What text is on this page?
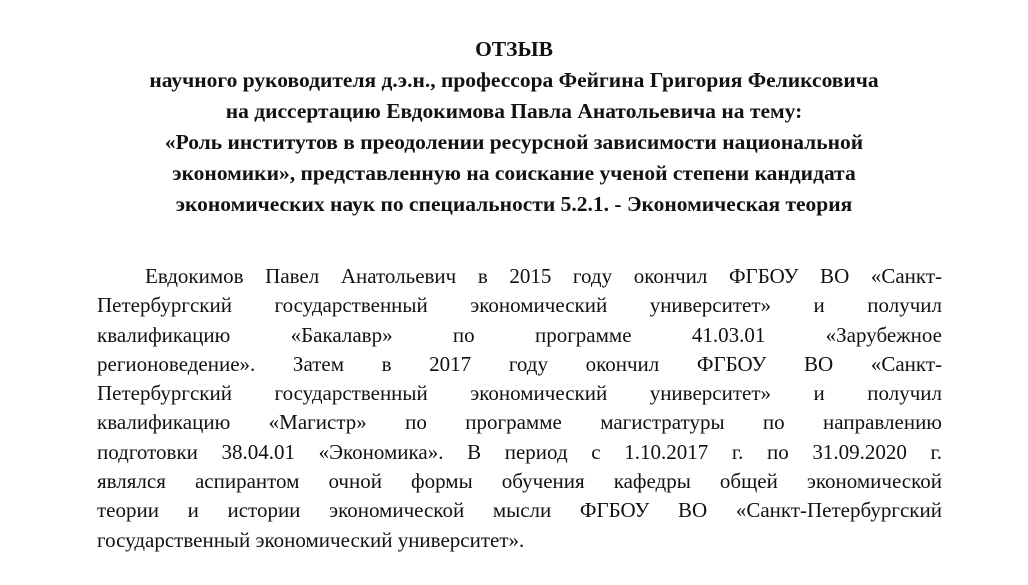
ОТЗЫВ
научного руководителя д.э.н., профессора Фейгина Григория Феликсовича
на диссертацию Евдокимова Павла Анатольевича на тему:
«Роль институтов в преодолении ресурсной зависимости национальной
экономики», представленную на соискание ученой степени кандидата
экономических наук по специальности 5.2.1. - Экономическая теория
Евдокимов Павел Анатольевич в 2015 году окончил ФГБОУ ВО «Санкт-
Петербургский государственный экономический университет» и получил
квалификацию «Бакалавр» по программе 41.03.01 «Зарубежное
регионоведение». Затем в 2017 году окончил ФГБОУ ВО «Санкт-
Петербургский государственный экономический университет» и получил
квалификацию «Магистр» по программе магистратуры по направлению
подготовки 38.04.01 «Экономика». В период с 1.10.2017 г. по 31.09.2020 г.
являлся аспирантом очной формы обучения кафедры общей экономической
теории и истории экономической мысли ФГБОУ ВО «Санкт-Петербургский
государственный экономический университет».
